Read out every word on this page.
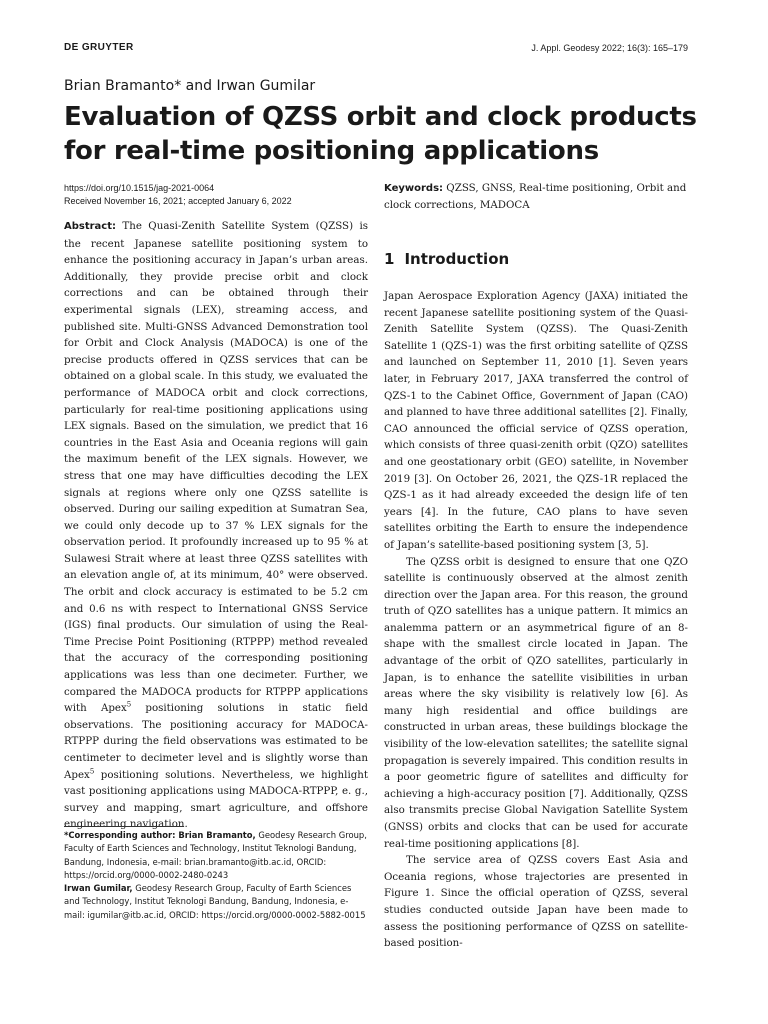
DE GRUYTER	J. Appl. Geodesy 2022; 16(3): 165–179
Brian Bramanto* and Irwan Gumilar
Evaluation of QZSS orbit and clock products for real-time positioning applications
https://doi.org/10.1515/jag-2021-0064
Received November 16, 2021; accepted January 6, 2022

Abstract: The Quasi-Zenith Satellite System (QZSS) is the recent Japanese satellite positioning system to enhance the positioning accuracy in Japan’s urban areas. Additionally, they provide precise orbit and clock corrections and can be obtained through their experimental signals (LEX), streaming access, and published site. Multi-GNSS Advanced Demonstration tool for Orbit and Clock Analysis (MADOCA) is one of the precise products offered in QZSS services that can be obtained on a global scale. In this study, we evaluated the performance of MADOCA orbit and clock corrections, particularly for real-time positioning applications using LEX signals. Based on the simulation, we predict that 16 countries in the East Asia and Oceania regions will gain the maximum benefit of the LEX signals. However, we stress that one may have difficulties decoding the LEX signals at regions where only one QZSS satellite is observed. During our sailing expedition at Sumatran Sea, we could only decode up to 37 % LEX signals for the observation period. It profoundly increased up to 95 % at Sulawesi Strait where at least three QZSS satellites with an elevation angle of, at its minimum, 40° were observed. The orbit and clock accuracy is estimated to be 5.2 cm and 0.6 ns with respect to International GNSS Service (IGS) final products. Our simulation of using the Real-Time Precise Point Positioning (RTPPP) method revealed that the accuracy of the corresponding positioning applications was less than one decimeter. Further, we compared the MADOCA products for RTPPP applications with Apex$^5$ positioning solutions in static field observations. The positioning accuracy for MADOCA-RTPPP during the field observations was estimated to be centimeter to decimeter level and is slightly worse than Apex$^5$ positioning solutions. Nevertheless, we highlight vast positioning applications using MADOCA-RTPPP, e. g., survey and mapping, smart agriculture, and offshore engineering navigation.

*Corresponding author: Brian Bramanto, Geodesy Research Group, Faculty of Earth Sciences and Technology, Institut Teknologi Bandung, Bandung, Indonesia, e-mail: brian.bramanto@itb.ac.id, ORCID: https://orcid.org/0000-0002-2480-0243

Irwan Gumilar, Geodesy Research Group, Faculty of Earth Sciences and Technology, Institut Teknologi Bandung, Bandung, Indonesia, e-mail: igumilar@itb.ac.id, ORCID: https://orcid.org/0000-0002-5882-0015

Keywords: QZSS, GNSS, Real-time positioning, Orbit and clock corrections, MADOCA

1 Introduction

Japan Aerospace Exploration Agency (JAXA) initiated the recent Japanese satellite positioning system of the Quasi-Zenith Satellite System (QZSS). The Quasi-Zenith Satellite 1 (QZS-1) was the first orbiting satellite of QZSS and launched on September 11, 2010 [1]. Seven years later, in February 2017, JAXA transferred the control of QZS-1 to the Cabinet Office, Government of Japan (CAO) and planned to have three additional satellites [2]. Finally, CAO announced the official service of QZSS operation, which consists of three quasi-zenith orbit (QZO) satellites and one geostationary orbit (GEO) satellite, in November 2019 [3]. On October 26, 2021, the QZS-1R replaced the QZS-1 as it had already exceeded the design life of ten years [4]. In the future, CAO plans to have seven satellites orbiting the Earth to ensure the independence of Japan’s satellite-based positioning system [3, 5].

The QZSS orbit is designed to ensure that one QZO satellite is continuously observed at the almost zenith direction over the Japan area. For this reason, the ground truth of QZO satellites has a unique pattern. It mimics an analemma pattern or an asymmetrical figure of an 8-shape with the smallest circle located in Japan. The advantage of the orbit of QZO satellites, particularly in Japan, is to enhance the satellite visibilities in urban areas where the sky visibility is relatively low [6]. As many high residential and office buildings are constructed in urban areas, these buildings blockage the visibility of the low-elevation satellites; the satellite signal propagation is severely impaired. This condition results in a poor geometric figure of satellites and difficulty for achieving a high-accuracy position [7]. Additionally, QZSS also transmits precise Global Navigation Satellite System (GNSS) orbits and clocks that can be used for accurate real-time positioning applications [8].

The service area of QZSS covers East Asia and Oceania regions, whose trajectories are presented in Figure 1. Since the official operation of QZSS, several studies conducted outside Japan have been made to assess the positioning performance of QZSS on satellite-based position-
